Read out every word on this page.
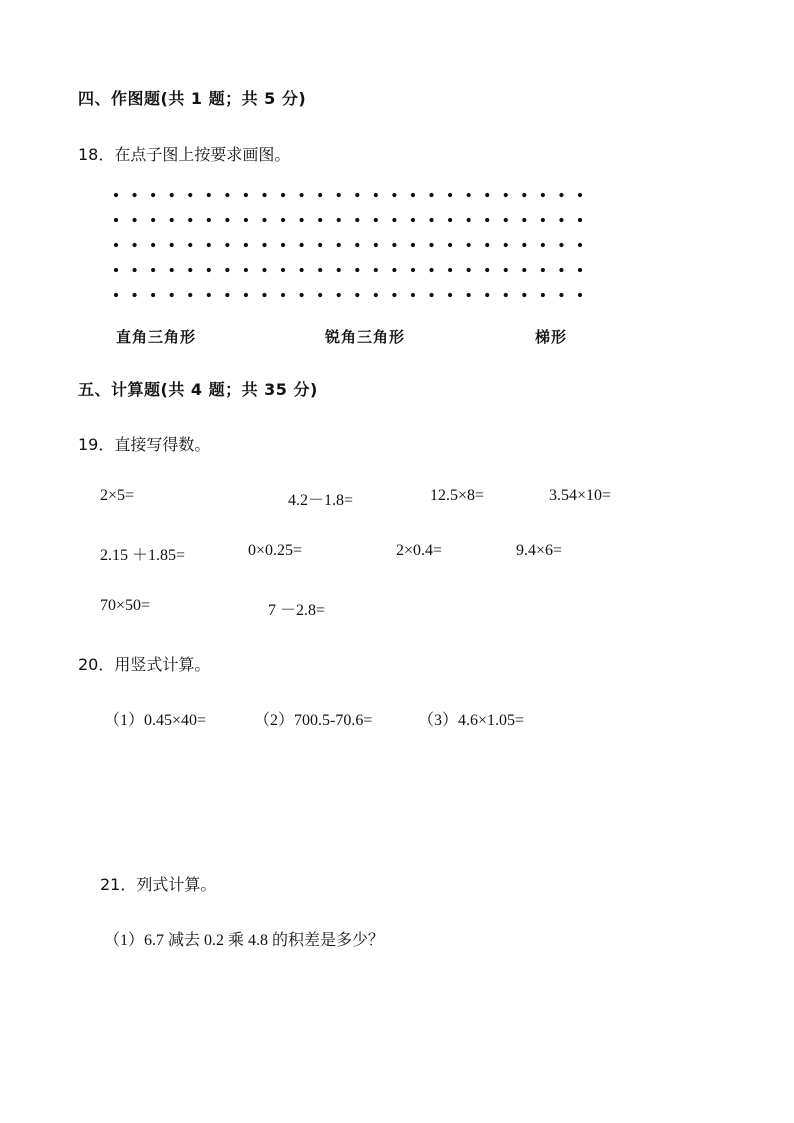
四、作图题(共 1 题；共 5 分)
18．在点子图上按要求画图。
直角三角形	锐角三角形	梯形
五、计算题(共 4 题；共 35 分)
19．直接写得数。
2×5=	4.2－1.8=	12.5×8=	3.54×10=
2.15 ＋1.85=	0×0.25=	2×0.4=	9.4×6=
70×50=	7 －2.8=
20．用竖式计算。
（1）0.45×40=	（2）700.5-70.6=	（3）4.6×1.05=
21．列式计算。
（1）6.7 减去 0.2 乘 4.8 的积差是多少？
